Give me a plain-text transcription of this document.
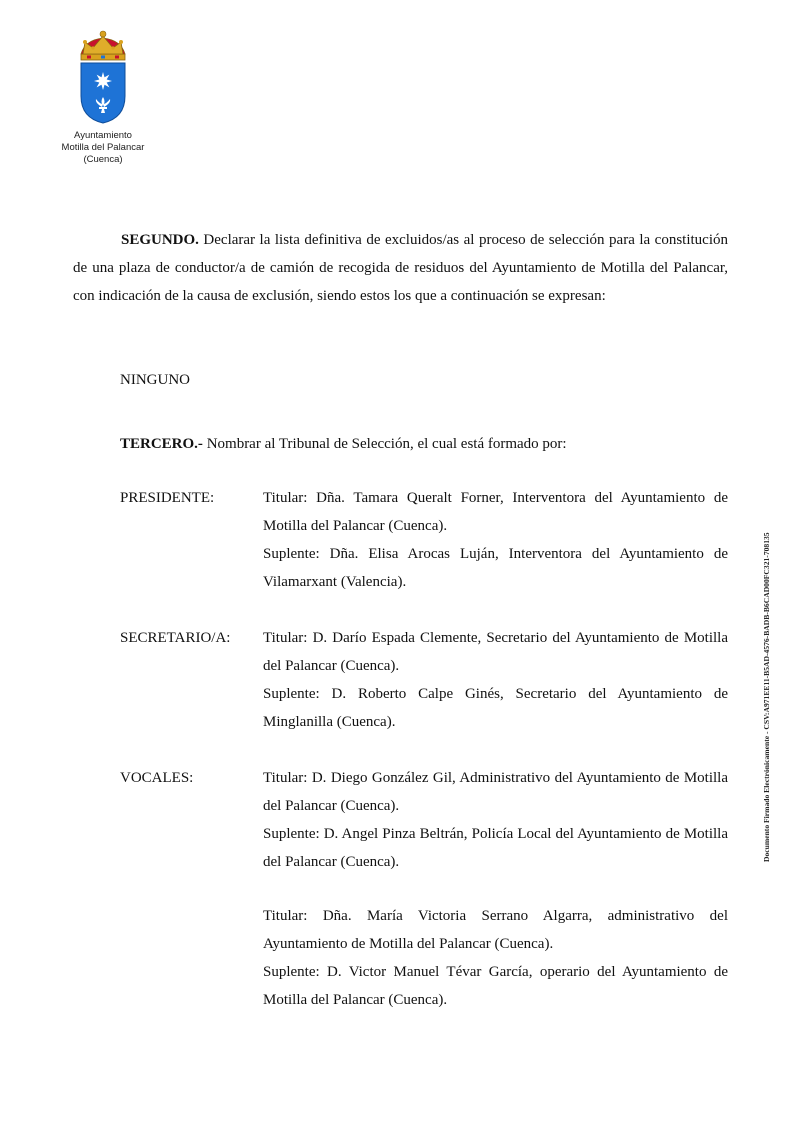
Ayuntamiento
Motilla del Palancar
(Cuenca)

SEGUNDO. Declarar la lista definitiva de excluidos/as al proceso de selección para la constitución de una plaza de conductor/a de camión de recogida de residuos del Ayuntamiento de Motilla del Palancar, con indicación de la causa de exclusión, siendo estos los que a continuación se expresan:

NINGUNO
TERCERO.- Nombrar al Tribunal de Selección, el cual está formado por:
PRESIDENTE:	Titular: Dña. Tamara Queralt Forner, Interventora del Ayuntamiento de Motilla del Palancar (Cuenca).
Suplente: Dña. Elisa Arocas Luján, Interventora del Ayuntamiento de Vilamarxant (Valencia).
SECRETARIO/A: Titular: D. Darío Espada Clemente, Secretario del Ayuntamiento de Motilla del Palancar (Cuenca).
Suplente: D. Roberto Calpe Ginés, Secretario del Ayuntamiento de Minglanilla (Cuenca).
VOCALES:	Titular: D. Diego González Gil, Administrativo del Ayuntamiento de Motilla del Palancar (Cuenca).
Suplente: D. Angel Pinza Beltrán, Policía Local del Ayuntamiento de Motilla del Palancar (Cuenca).
Titular: Dña. María Victoria Serrano Algarra, administrativo del Ayuntamiento de Motilla del Palancar (Cuenca).
Suplente: D. Victor Manuel Tévar García, operario del Ayuntamiento de Motilla del Palancar (Cuenca).
Documento Firmado Electrónicamente - CSV:A971EE11-B5AD-4576-BADB-B6CAD00FC321-708135
